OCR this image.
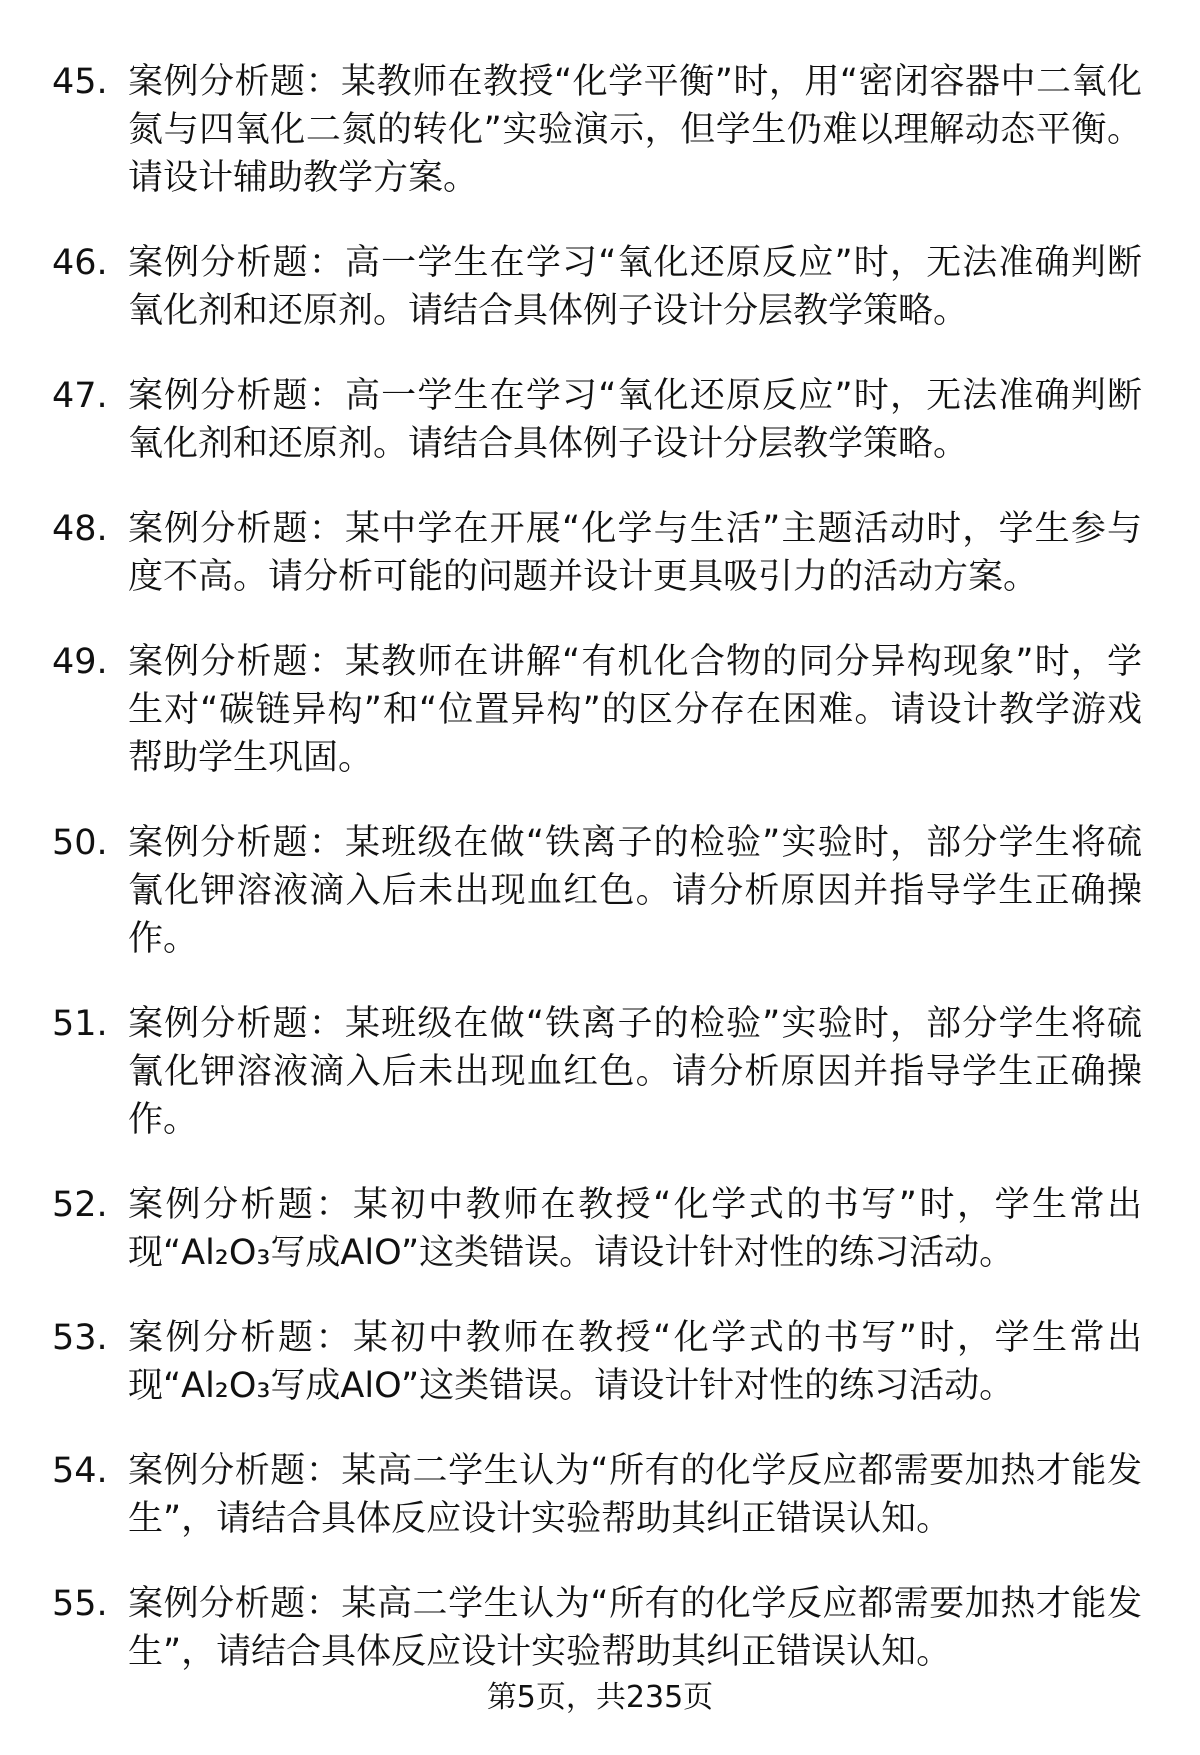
45. 案例分析题：某教师在教授“化学平衡”时，用“密闭容器中二氧化氮与四氧化二氮的转化”实验演示，但学生仍难以理解动态平衡。请设计辅助教学方案。
46. 案例分析题：高一学生在学习“氧化还原反应”时，无法准确判断氧化剂和还原剂。请结合具体例子设计分层教学策略。
47. 案例分析题：高一学生在学习“氧化还原反应”时，无法准确判断氧化剂和还原剂。请结合具体例子设计分层教学策略。
48. 案例分析题：某中学在开展“化学与生活”主题活动时，学生参与度不高。请分析可能的问题并设计更具吸引力的活动方案。
49. 案例分析题：某教师在讲解“有机化合物的同分异构现象”时，学生对“碳链异构”和“位置异构”的区分存在困难。请设计教学游戏帮助学生巩固。
50. 案例分析题：某班级在做“铁离子的检验”实验时，部分学生将硫氰化钾溶液滴入后未出现血红色。请分析原因并指导学生正确操作。
51. 案例分析题：某班级在做“铁离子的检验”实验时，部分学生将硫氰化钾溶液滴入后未出现血红色。请分析原因并指导学生正确操作。
52. 案例分析题：某初中教师在教授“化学式的书写”时，学生常出现“Al₂O₃写成AlO”这类错误。请设计针对性的练习活动。
53. 案例分析题：某初中教师在教授“化学式的书写”时，学生常出现“Al₂O₃写成AlO”这类错误。请设计针对性的练习活动。
54. 案例分析题：某高二学生认为“所有的化学反应都需要加热才能发生”，请结合具体反应设计实验帮助其纠正错误认知。
55. 案例分析题：某高二学生认为“所有的化学反应都需要加热才能发生”，请结合具体反应设计实验帮助其纠正错误认知。
第5页，共235页
